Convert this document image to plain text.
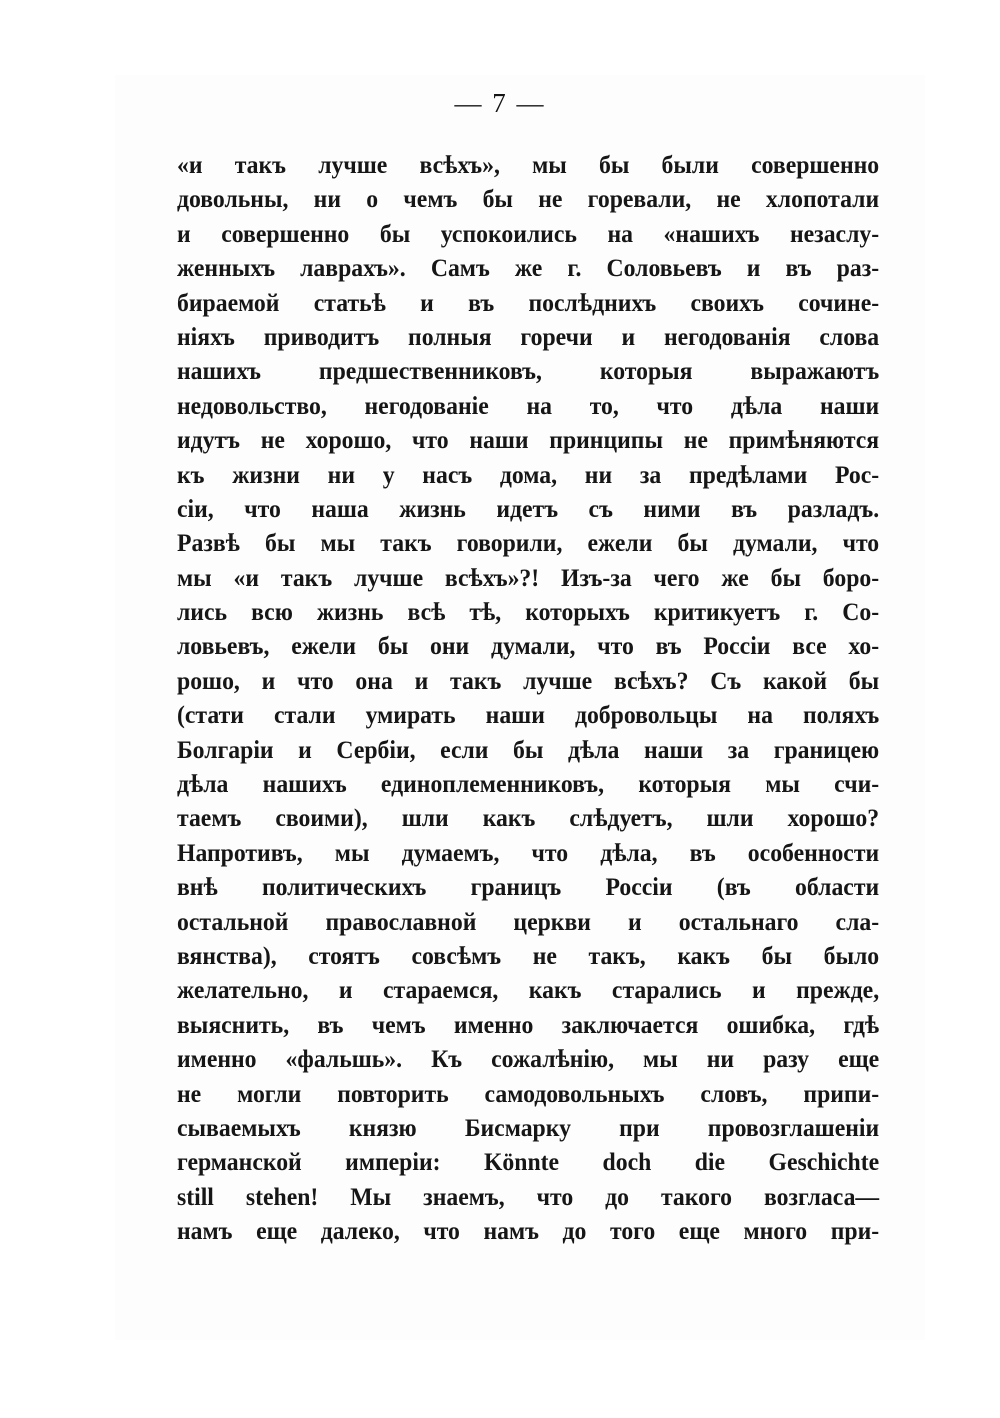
— 7 —
«и такъ лучше всѣхъ», мы бы были совершенно
довольны, ни о чемъ бы не горевали, не хлопотали
и совершенно бы успокоились на «нашихъ незаслу-
женныхъ лаврахъ». Самъ же г. Соловьевъ и въ раз-
бираемой статьѣ и въ послѣднихъ своихъ сочине-
ніяхъ приводитъ полныя горечи и негодованія слова
нашихъ предшественниковъ, которыя выражаютъ
недовольство, негодованіе на то, что дѣла наши
идутъ не хорошо, что наши принципы не примѣняются
къ жизни ни у насъ дома, ни за предѣлами Рос-
сіи, что наша жизнь идетъ съ ними въ разладъ.
Развѣ бы мы такъ говорили, ежели бы думали, что
мы «и такъ лучше всѣхъ»?! Изъ-за чего же бы боро-
лись всю жизнь всѣ тѣ, которыхъ критикуетъ г. Со-
ловьевъ, ежели бы они думали, что въ Россіи все хо-
рошо, и что она и такъ лучше всѣхъ? Съ какой бы
(стати стали умирать наши добровольцы на поляхъ
Болгаріи и Сербіи, если бы дѣла наши за границею
дѣла нашихъ единоплеменниковъ, которыя мы счи-
таемъ своими), шли какъ слѣдуетъ, шли хорошо?
Напротивъ, мы думаемъ, что дѣла, въ особенности
внѣ политическихъ границъ Россіи (въ области
остальной православной церкви и остальнаго сла-
вянства), стоятъ совсѣмъ не такъ, какъ бы было
желательно, и стараемся, какъ старались и прежде,
выяснить, въ чемъ именно заключается ошибка, гдѣ
именно «фальшь». Къ сожалѣнію, мы ни разу еще
не могли повторить самодовольныхъ словъ, припи-
сываемыхъ князю Бисмарку при провозглашеніи
германской имперіи: Könnte doch die Geschichte
still stehen! Мы знаемъ, что до такого возгласа—
намъ еще далеко, что намъ до того еще много при-
